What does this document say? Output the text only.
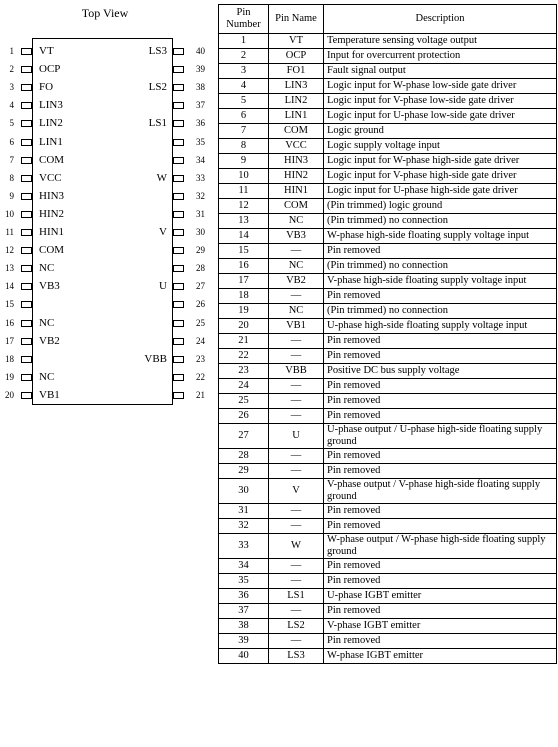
Top View
1 VT
2 OCP
3 FO
4 LIN3
5 LIN2
6 LIN1
7 COM
8 VCC
9 HIN3
10 HIN2
11 HIN1
12 COM
13 NC
14 VB3
15
16 NC
17 VB2
18
19 NC
20 VB1
40
LS3
39
38
LS2
37
36
LS1
35
34
33
W
32
31
30
V
29
28
27
U
26
25
24
23
VBB
22
21
Pin Number	Pin Name	Description
1	VT	Temperature sensing voltage output
2	OCP	Input for overcurrent protection
3	FO1	Fault signal output
4	LIN3	Logic input for W-phase low-side gate driver
5	LIN2	Logic input for V-phase low-side gate driver
6	LIN1	Logic input for U-phase low-side gate driver
7	COM	Logic ground
8	VCC	Logic supply voltage input
9	HIN3	Logic input for W-phase high-side gate driver
10	HIN2	Logic input for V-phase high-side gate driver
11	HIN1	Logic input for U-phase high-side gate driver
12	COM	(Pin trimmed) logic ground
13	NC	(Pin trimmed) no connection
14	VB3	W-phase high-side floating supply voltage input
15	—	Pin removed
16	NC	(Pin trimmed) no connection
17	VB2	V-phase high-side floating supply voltage input
18	—	Pin removed
19	NC	(Pin trimmed) no connection
20	VB1	U-phase high-side floating supply voltage input
21	—	Pin removed
22	—	Pin removed
23	VBB	Positive DC bus supply voltage
24	—	Pin removed
25	—	Pin removed
26	—	Pin removed
27	U	U-phase output / U-phase high-side floating supply ground
28	—	Pin removed
29	—	Pin removed
30	V	V-phase output / V-phase high-side floating supply ground
31	—	Pin removed
32	—	Pin removed
33	W	W-phase output / W-phase high-side floating supply ground
34	—	Pin removed
35	—	Pin removed
36	LS1	U-phase IGBT emitter
37	—	Pin removed
38	LS2	V-phase IGBT emitter
39	—	Pin removed
40	LS3	W-phase IGBT emitter
